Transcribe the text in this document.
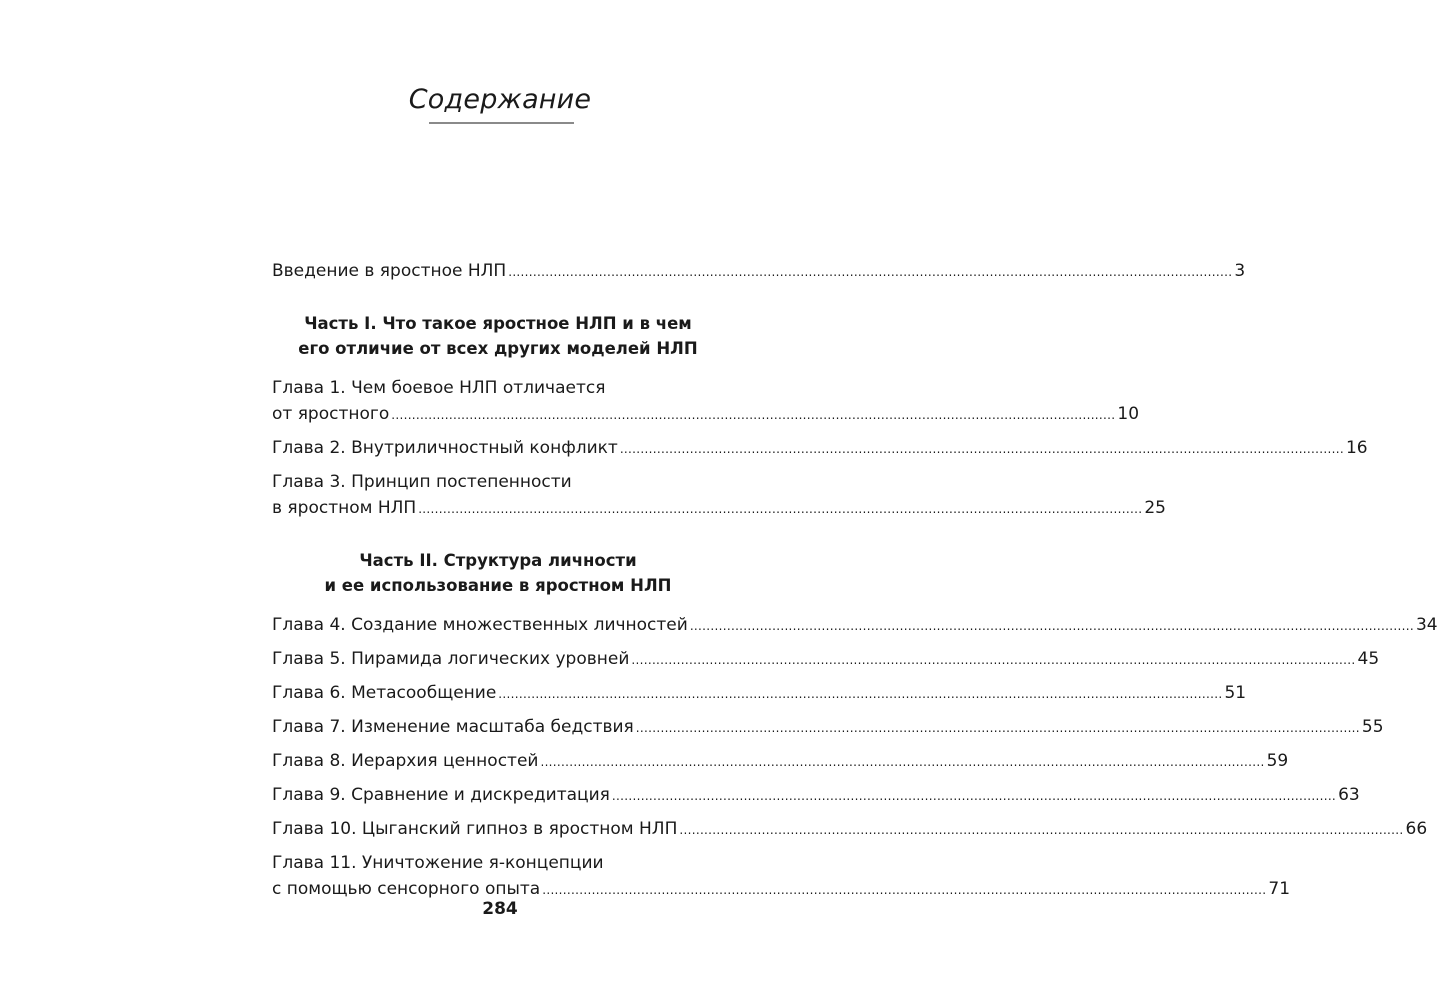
Содержание
Введение в яростное НЛП ................................................................................................................................................................................ 3
Часть I. Что такое яростное НЛП и в чем
его отличие от всех других моделей НЛП
Глава 1. Чем боевое НЛП отличается
от яростного ................................................................................................................................................................................ 10
Глава 2. Внутриличностный конфликт ................................................................................................................................................................................ 16
Глава 3. Принцип постепенности
в яростном НЛП ................................................................................................................................................................................ 25
Часть II. Структура личности
и ее использование в яростном НЛП
Глава 4. Создание множественных личностей ................................................................................................................................................................................ 34
Глава 5. Пирамида логических уровней ................................................................................................................................................................................ 45
Глава 6. Метасообщение ................................................................................................................................................................................ 51
Глава 7. Изменение масштаба бедствия ................................................................................................................................................................................ 55
Глава 8. Иерархия ценностей ................................................................................................................................................................................ 59
Глава 9. Сравнение и дискредитация ................................................................................................................................................................................ 63
Глава 10. Цыганский гипноз в яростном НЛП ................................................................................................................................................................................ 66
Глава 11. Уничтожение я-концепции
с помощью сенсорного опыта ................................................................................................................................................................................ 71
284
